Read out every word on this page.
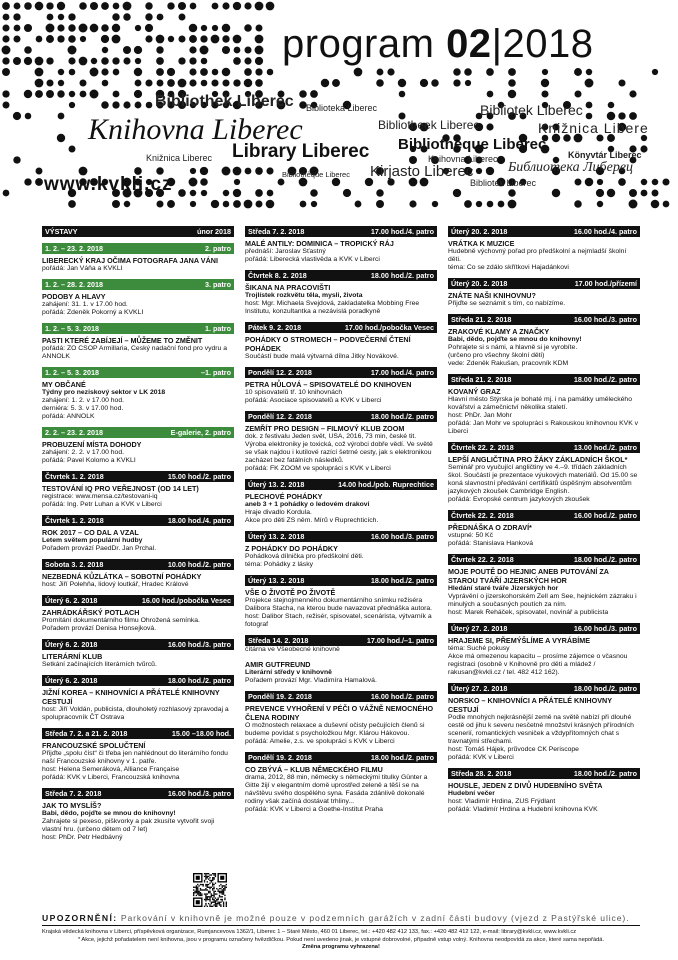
program 02|2018
Bibliothek Liberec
Knihovna Liberec
Library Liberec
Knižnica Liberec
Biblioteka Liberec	Bibliotek Liberec
Bibliotheek Liberec	Knižnica Libere
Bibliothèque Liberec
Knihovna Liberec
Kirjasto Liberec
Könyvtár Liberec
Bibliothèque Liberec
Bibliotek Liberec
Библиотека Либерец
www.kvkli.cz
VÝSTAVY	únor 2018
1. 2. – 23. 2. 2018	2. patro
LIBERECKÝ KRAJ OČIMA FOTOGRAFA JANA VÁNI
pořádá: Jan Váňa a KVKLI
1. 2. – 28. 2. 2018	3. patro
PODOBY A HLAVY
zahájení: 31. 1. v 17.00 hod.
pořádá: Zdeněk Pokorný a KVKLI
1. 2. – 5. 3. 2018	1. patro
PASTI KTERÉ ZABÍJEJÍ – MŮŽEME TO ZMĚNIT
pořádá: ZO ČSOP Armillaria, Český nadační fond pro vydru a ANNOLK
1. 2. – 5. 3. 2018	–1. patro
MY OBČANÉ
Týdny pro neziskový sektor v LK 2018
zahájení: 1. 2. v 17.00 hod.
derniéra: 5. 3. v 17.00 hod.
pořádá: ANNOLK
2. 2. – 23. 2. 2018	E-galerie, 2. patro
PROBUZENÍ MÍSTA DOHODY
zahájení: 2. 2. v 17.00 hod.
pořádá: Pavel Kolomo a KVKLI
Čtvrtek 1. 2. 2018	15.00 hod./2. patro
TESTOVÁNÍ IQ PRO VEŘEJNOST (OD 14 LET)
registrace: www.mensa.cz/testovani-iq
pořádá: Ing. Petr Luhan a KVK v Liberci
Čtvrtek 1. 2. 2018	18.00 hod./4. patro
ROK 2017 – CO DAL A VZAL
Letem světem populární hudby
Pořadem provází PaedDr. Jan Prchal.
Sobota 3. 2. 2018	10.00 hod./2. patro
NEZBEDNÁ KŮZLÁTKA – SOBOTNÍ POHÁDKY
host: Jiří Polehňa, lidový loutkář, Hradec Králové
Úterý 6. 2. 2018	16.00 hod./pobočka Vesec
ZAHRÁDKÁŘSKÝ POTLACH
Promítání dokumentárního filmu Ohrožená semínka.
Pořadem provází Denisa Honsejková.
Úterý 6. 2. 2018	16.00 hod./3. patro
LITERÁRNÍ KLUB
Setkání začínajících literárních tvůrců.
Úterý 6. 2. 2018	18.00 hod./2. patro
JIŽNÍ KOREA – KNIHOVNÍCI A PŘÁTELÉ KNIHOVNY CESTUJÍ
host: Jiří Voldán, publicista, dlouholetý rozhlasový zpravodaj a spolupracovník ČT Ostrava
Středa 7. 2. a 21. 2. 2018	15.00 –18.00 hod.
FRANCOUZSKÉ SPOLUČTENÍ
Přijďte „spolu číst“ či třeba jen nahlédnout do literárního fondu naší Francouzské knihovny v 1. patře.
host: Helena Semeráková, Alliance Française
pořádá: KVK v Liberci, Francouzská knihovna
Středa 7. 2. 2018	16.00 hod./3. patro
JAK TO MYSLÍŠ?
Babi, dědo, pojďte se mnou do knihovny!
Zahrajete si pexeso, piškvorky a pak zkusíte vytvořit svoji vlastní hru. (určeno dětem od 7 let)
host: PhDr. Petr Hedbávný
Středa 7. 2. 2018	17.00 hod./4. patro
MALÉ ANTILY: DOMINICA – TROPICKÝ RÁJ
přednáší: Jaroslav Šťastný
pořádá: Liberecká vlastivěda a KVK v Liberci
Čtvrtek 8. 2. 2018	18.00 hod./2. patro
ŠIKANA NA PRACOVIŠTI
Trojlístek rozkvětu těla, mysli, života
host: Mgr. Michaela Švejdová, zakladatelka Mobbing Free Institutu, konzultantka a nezávislá poradkyně
Pátek 9. 2. 2018	17.00 hod./pobočka Vesec
POHÁDKY O STROMECH – PODVEČERNÍ ČTENÍ POHÁDEK
Součástí bude malá výtvarná dílna Jitky Novákové.
Pondělí 12. 2. 2018	17.00 hod./4. patro
PETRA HŮLOVÁ – SPISOVATELÉ DO KNIHOVEN
10 spisovatelů tř. 10 knihovnách
pořádá: Asociace spisovatelů a KVK v Liberci
Pondělí 12. 2. 2018	18.00 hod./2. patro
ZEMŘÍT PRO DESIGN – FILMOVÝ KLUB ZOOM
dok. z festivalu Jeden svět, USA, 2016, 73 min, české tit. Výroba elektroniky je toxická, což výrobci dobře vědí. Ve světě se však najdou i kutilové razící šetrné cesty, jak s elektronikou zacházet bez fatálních následků.
pořádá: FK ZOOM ve spolupráci s KVK v Liberci
Úterý 13. 2. 2018	14.00 hod./pob. Ruprechtice
PLECHOVÉ POHÁDKY
aneb 3 + 1 pohádky o ledovém drakovi
Hraje divadlo Kordula.
Akce pro děti ZŠ něm. Mírů v Ruprechticích.
Úterý 13. 2. 2018	16.00 hod./3. patro
Z POHÁDKY DO POHÁDKY
Pohádková dílnička pro předškolní děti.
téma: Pohádky z lásky
Úterý 13. 2. 2018	18.00 hod./2. patro
VŠE O ŽIVOTĚ PO ŽIVOTĚ
Projekce stejnojmenného dokumentárního snímku režiséra Dalibora Stacha, na kterou bude navazovat přednáška autora.
host: Dalibor Stach, režisér, spisovatel, scenárista, výtvarník a fotograf
Středa 14. 2. 2018	17.00 hod./–1. patro
čítárna ve Všeobecné knihovně
AMIR GUTFREUND
Literární středy v knihovně
Pořadem provází Mgr. Vladimíra Hamalová.
Pondělí 19. 2. 2018	16.00 hod./2. patro
PREVENCE VYHOŘENÍ V PÉČI O VÁŽNĚ NEMOCNÉHO ČLENA RODINY
O možnostech relaxace a duševní očisty pečujících členů si budeme povídat s psycholožkou Mgr. Klárou Hákovou.
pořádá: Amelie, z.s. ve spolupráci s KVK v Liberci
Pondělí 19. 2. 2018	18.00 hod./2. patro
CO ZBÝVÁ – KLUB NĚMECKÉHO FILMU
drama, 2012, 88 min, německy s německými titulky Günter a Gitte žijí v elegantním domě uprostřed zeleně a těší se na návštěvu svého dospělého syna. Fasáda zdánlivě dokonalé rodiny však začíná dostávat trhliny...
pořádá: KVK v Liberci a Goethe-Institut Praha
Úterý 20. 2. 2018	16.00 hod./4. patro
VRÁTKA K MUZICE
Hudebně výchovný pořad pro předškolní a nejmladší školní děti.
téma: Co se zdálo skřítkovi Hajadánkovi
Úterý 20. 2. 2018	17.00 hod./přízemí
ZNÁTE NAŠI KNIHOVNU?
Přijďte se seznámit s tím, co nabízíme.
Středa 21. 2. 2018	16.00 hod./3. patro
ZRAKOVÉ KLAMY A ZNAČKY
Babi, dědo, pojďte se mnou do knihovny!
Pohrajete si s námi, a hlavně si je vyrobíte.
(určeno pro všechny školní děti)
vede: Zdeněk Rakušan, pracovník KDM
Středa 21. 2. 2018	18.00 hod./2. patro
KOVANÝ GRAZ
Hlavní město Štýrska je bohaté mj. i na památky uměleckého kovářství a zámečnictví několika staletí.
host: PhDr. Jan Mohr
pořádá: Jan Mohr ve spolupráci s Rakouskou knihovnou KVK v Liberci
Čtvrtek 22. 2. 2018	13.00 hod./2. patro
LEPŠÍ ANGLIČTINA PRO ŽÁKY ZÁKLADNÍCH ŠKOL*
Seminář pro vyučující angličtiny ve 4.–9. třídách základních škol. Součástí je prezentace výukových materiálů. Od 15.00 se koná slavnostní předávání certifikátů úspěšným absolventům jazykových zkoušek Cambridge English.
pořádá: Evropské centrum jazykových zkoušek
Čtvrtek 22. 2. 2018	16.00 hod./2. patro
PŘEDNÁŠKA O ZDRAVÍ*
vstupné: 50 Kč
pořádá: Stanislava Hanková
Čtvrtek 22. 2. 2018	18.00 hod./2. patro
MOJE POUTĚ DO HEJNIC ANEB PUTOVÁNÍ ZA STAROU TVÁŘÍ JIZERSKÝCH HOR
Hledání staré tváře Jizerských hor
Vyprávění o jizerskohorském Zell am See, hejnickém zázraku i minulých a současných poutích za ním.
host: Marek Řeháček, spisovatel, novinář a publicista
Úterý 27. 2. 2018	16.00 hod./3. patro
HRAJEME SI, PŘEMÝŠLÍME A VYRÁBÍME
téma: Suché pokusy
Akce má omezenou kapacitu – prosíme zájemce o včasnou registraci (osobně v Knihovně pro děti a mládež / rakusan@kvkli.cz / tel. 482 412 162).
Úterý 27. 2. 2018	18.00 hod./2. patro
NORSKO – KNIHOVNÍCI A PŘÁTELÉ KNIHOVNY CESTUJÍ
Podle mnohých nejkrásnější země na světě nabízí při dlouhé cestě od jihu k severu nesčetné množství krásných přírodních scenerií, romantických vesniček a vždypřítomných chat s travnatými střechami.
host: Tomáš Hájek, průvodce CK Periscope
pořádá: KVK v Liberci
Středa 28. 2. 2018	18.00 hod./2. patro
HOUSLE, JEDEN Z DIVŮ HUDEBNÍHO SVĚTA
Hudební večer
host: Vladimír Hrdina, ZUŠ Frýdlant
pořádá: Vladimír Hrdina a Hudební knihovna KVK
UPOZORNĚNÍ: Parkování v knihovně je možné pouze v podzemních garážích v zadní části budovy (vjezd z Pastýřské ulice).
Krajská vědecká knihovna v Liberci, příspěvková organizace, Rumjancevova 1362/1, Liberec 1 – Staré Město, 460 01 Liberec, tel.: +420 482 412 133, fax.: +420 482 412 122, e-mail: library@kvkli.cz, www.kvkli.cz
* Akce, jejichž pořadatelem není knihovna, jsou v programu označeny hvězdičkou. Pokud není uvedeno jinak, je vstupné dobrovolné, případně vstup volný. Knihovna neodpovídá za akce, které sama nepořádá.
Změna programu vyhrazena!
